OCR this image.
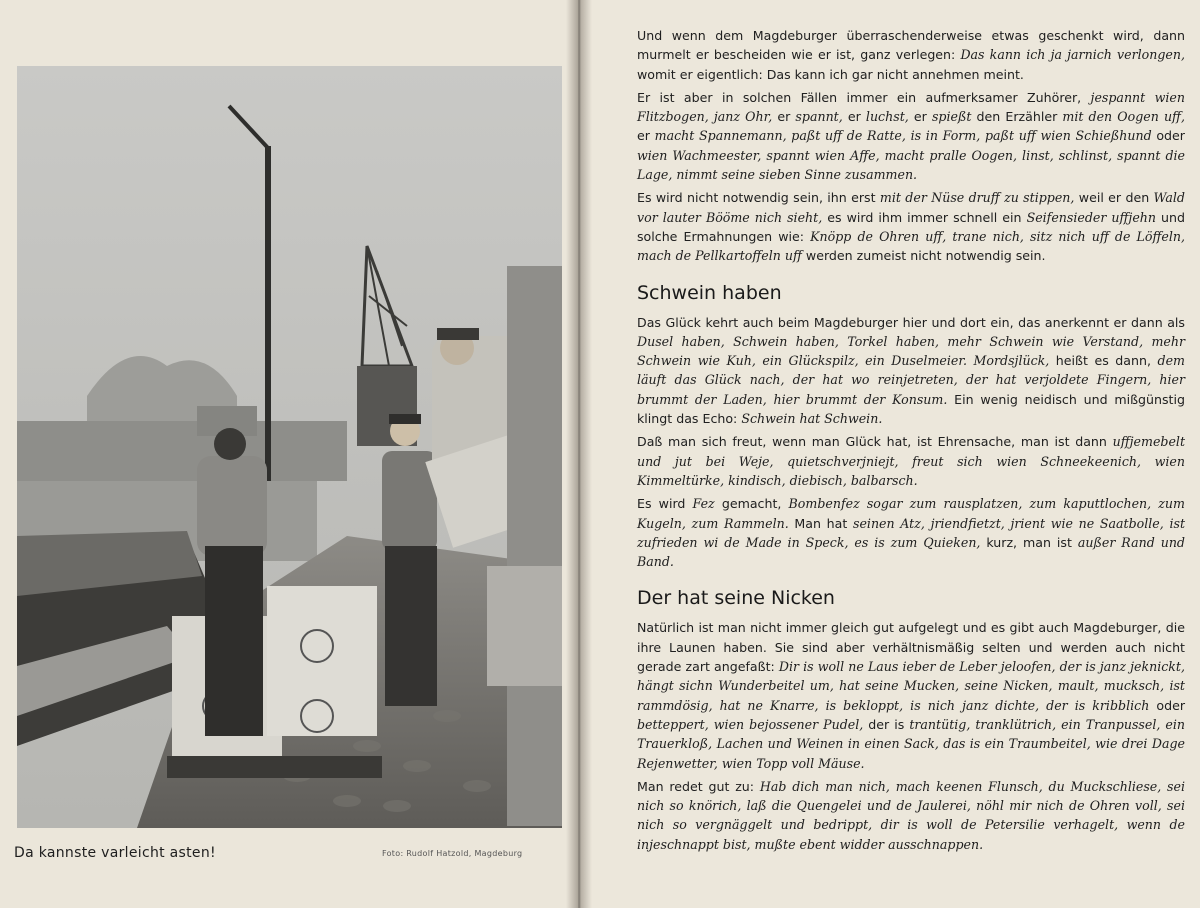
Da kannste varleicht asten!	Foto: Rudolf Hatzold, Magdeburg

Und wenn dem Magdeburger überraschenderweise etwas geschenkt wird, dann murmelt er bescheiden wie er ist, ganz verlegen: Das kann ich ja jarnich verlongen, womit er eigentlich: Das kann ich gar nicht annehmen meint.

Er ist aber in solchen Fällen immer ein aufmerksamer Zuhörer, jespannt wien Flitzbogen, janz Ohr, er spannt, er luchst, er spießt den Erzähler mit den Oogen uff, er macht Spannemann, paßt uff de Ratte, is in Form, paßt uff wien Schießhund oder wien Wachmeester, spannt wien Affe, macht pralle Oogen, linst, schlinst, spannt die Lage, nimmt seine sieben Sinne zusammen.

Es wird nicht notwendig sein, ihn erst mit der Nüse druff zu stippen, weil er den Wald vor lauter Bööme nich sieht, es wird ihm immer schnell ein Seifensieder uffjehn und solche Ermahnungen wie: Knöpp de Ohren uff, trane nich, sitz nich uff de Löffeln, mach de Pellkartoffeln uff werden zumeist nicht notwendig sein.

Schwein haben

Das Glück kehrt auch beim Magdeburger hier und dort ein, das anerkennt er dann als Dusel haben, Schwein haben, Torkel haben, mehr Schwein wie Verstand, mehr Schwein wie Kuh, ein Glückspilz, ein Duselmeier. Mordsjlück, heißt es dann, dem läuft das Glück nach, der hat wo reinjetreten, der hat verjoldete Fingern, hier brummt der Laden, hier brummt der Konsum. Ein wenig neidisch und mißgünstig klingt das Echo: Schwein hat Schwein.

Daß man sich freut, wenn man Glück hat, ist Ehrensache, man ist dann uffjemebelt und jut bei Weje, quietschverjniejt, freut sich wien Schneekeenich, wien Kimmeltürke, kindisch, diebisch, balbarsch.

Es wird Fez gemacht, Bombenfez sogar zum rausplatzen, zum kaputtlochen, zum Kugeln, zum Rammeln. Man hat seinen Atz, jriendfietzt, jrient wie ne Saatbolle, ist zufrieden wi de Made in Speck, es is zum Quieken, kurz, man ist außer Rand und Band.

Der hat seine Nicken

Natürlich ist man nicht immer gleich gut aufgelegt und es gibt auch Magdeburger, die ihre Launen haben. Sie sind aber verhältnismäßig selten und werden auch nicht gerade zart angefaßt: Dir is woll ne Laus ieber de Leber jeloofen, der is janz jeknickt, hängt sichn Wunderbeitel um, hat seine Mucken, seine Nicken, mault, mucksch, ist rammdösig, hat ne Knarre, is bekloppt, is nich janz dichte, der is kribblich oder betteppert, wien bejossener Pudel, der is trantütig, tranklütrich, ein Tranpussel, ein Trauerkloß, Lachen und Weinen in einen Sack, das is ein Traumbeitel, wie drei Dage Rejenwetter, wien Topp voll Mäuse.

Man redet gut zu: Hab dich man nich, mach keenen Flunsch, du Muckschliese, sei nich so knörich, laß die Quengelei und de Jaulerei, nöhl mir nich de Ohren voll, sei nich so vergnäggelt und bedrippt, dir is woll de Petersilie verhagelt, wenn de injeschnappt bist, mußte ebent widder ausschnappen.
